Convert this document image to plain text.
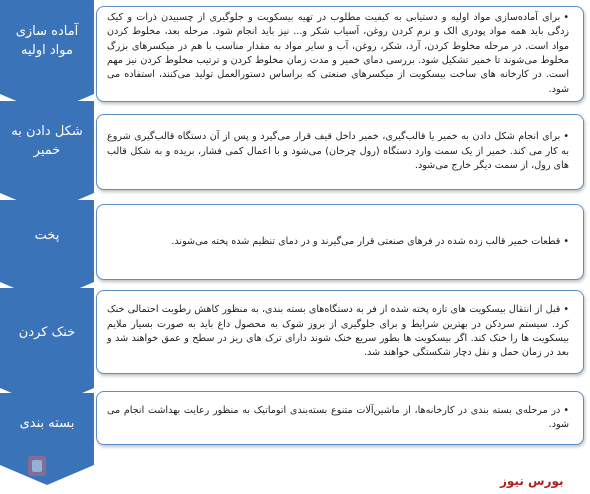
آماده سازی مواد اولیه
•برای آماده‌سازی مواد اولیه و دستیابی به کیفیت مطلوب در تهیه بیسکویت و جلوگیری از چسبیدن ذرات و کیک زدگی باید همه مواد پودری الک و نرم کردن روغن، آسیاب شکر و... نیز باید انجام شود. مرحله بعد، مخلوط کردن مواد است. در مرحله مخلوط کردن، آرد، شکر، روغن، آب و سایر مواد به مقدار مناسب با هم در میکسرهای بزرگ مخلوط می‌شوند تا خمیر تشکیل شود. بررسی دمای خمیر و مدت زمان مخلوط کردن و ترتیب مخلوط کردن نیز مهم است. در کارخانه های ساخت بیسکویت از میکسرهای صنعتی که براساس دستورالعمل تولید می‌کنند، استفاده می شود.
شکل دادن به خمیر
•برای انجام شکل دادن به خمیر یا قالب‌گیری، خمیر داخل قیف قرار می‌گیرد و پس از آن دستگاه قالب‌گیری شروع به کار می کند. خمیر از یک سمت وارد دستگاه (رول چرخان) می‌شود و با اعمال کمی فشار، بریده و به شکل قالب های رول، از سمت دیگر خارج می‌شود.
پخت	•قطعات خمیر قالب زده شده در فرهای صنعتی قرار می‌گیرند و در دمای تنظیم شده پخته می‌شوند.
خنک کردن
•قبل از انتقال بیسکویت های تازه پخته شده از فر به دستگاه‌های بسته بندی، به منظور کاهش رطوبت احتمالی خنک کرد. سیستم سردکن در بهترین شرایط و برای جلوگیری از بروز شوک به محصول داغ باید به صورت بسیار ملایم بیسکویت ها را خنک کند. اگر بیسکویت ها بطور سریع خنک شوند دارای ترک های ریز در سطح و عمق خواهند شد و بعد در زمان حمل و نقل دچار شکستگی خواهند شد.
بسته بندی
•در مرحله‌ی بسته بندی در کارخانه‌ها، از ماشین‌آلات متنوع بسته‌بندی اتوماتیک به منظور رعایت بهداشت انجام می شود.
بورس نیوز
